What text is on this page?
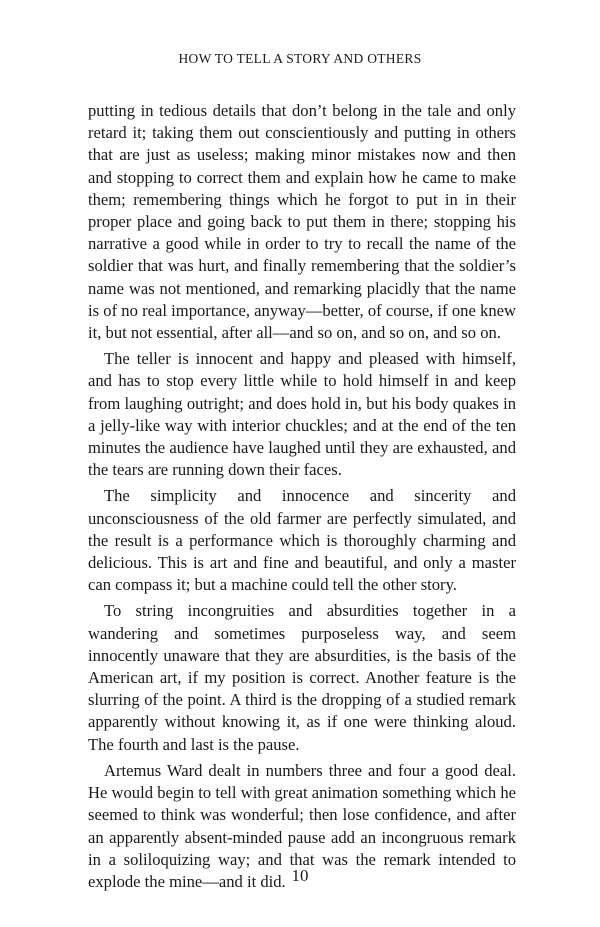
HOW TO TELL A STORY AND OTHERS

putting in tedious details that don’t belong in the tale and only retard it; taking them out conscientiously and putting in others that are just as useless; making minor mistakes now and then and stopping to correct them and explain how he came to make them; remembering things which he forgot to put in in their proper place and going back to put them in there; stopping his narrative a good while in order to try to recall the name of the soldier that was hurt, and finally remembering that the soldier’s name was not mentioned, and remarking placidly that the name is of no real importance, anyway—better, of course, if one knew it, but not essential, after all—and so on, and so on, and so on.

The teller is innocent and happy and pleased with himself, and has to stop every little while to hold himself in and keep from laughing outright; and does hold in, but his body quakes in a jelly-like way with interior chuckles; and at the end of the ten minutes the audience have laughed until they are exhausted, and the tears are running down their faces.

The simplicity and innocence and sincerity and unconsciousness of the old farmer are perfectly simulated, and the result is a performance which is thoroughly charming and delicious. This is art and fine and beautiful, and only a master can compass it; but a machine could tell the other story.

To string incongruities and absurdities together in a wandering and sometimes purposeless way, and seem innocently unaware that they are absurdities, is the basis of the American art, if my position is correct. Another feature is the slurring of the point. A third is the dropping of a studied remark apparently without knowing it, as if one were thinking aloud. The fourth and last is the pause.

Artemus Ward dealt in numbers three and four a good deal. He would begin to tell with great animation something which he seemed to think was wonderful; then lose confidence, and after an apparently absent-minded pause add an incongruous remark in a soliloquizing way; and that was the remark intended to explode the mine—and it did. 10
